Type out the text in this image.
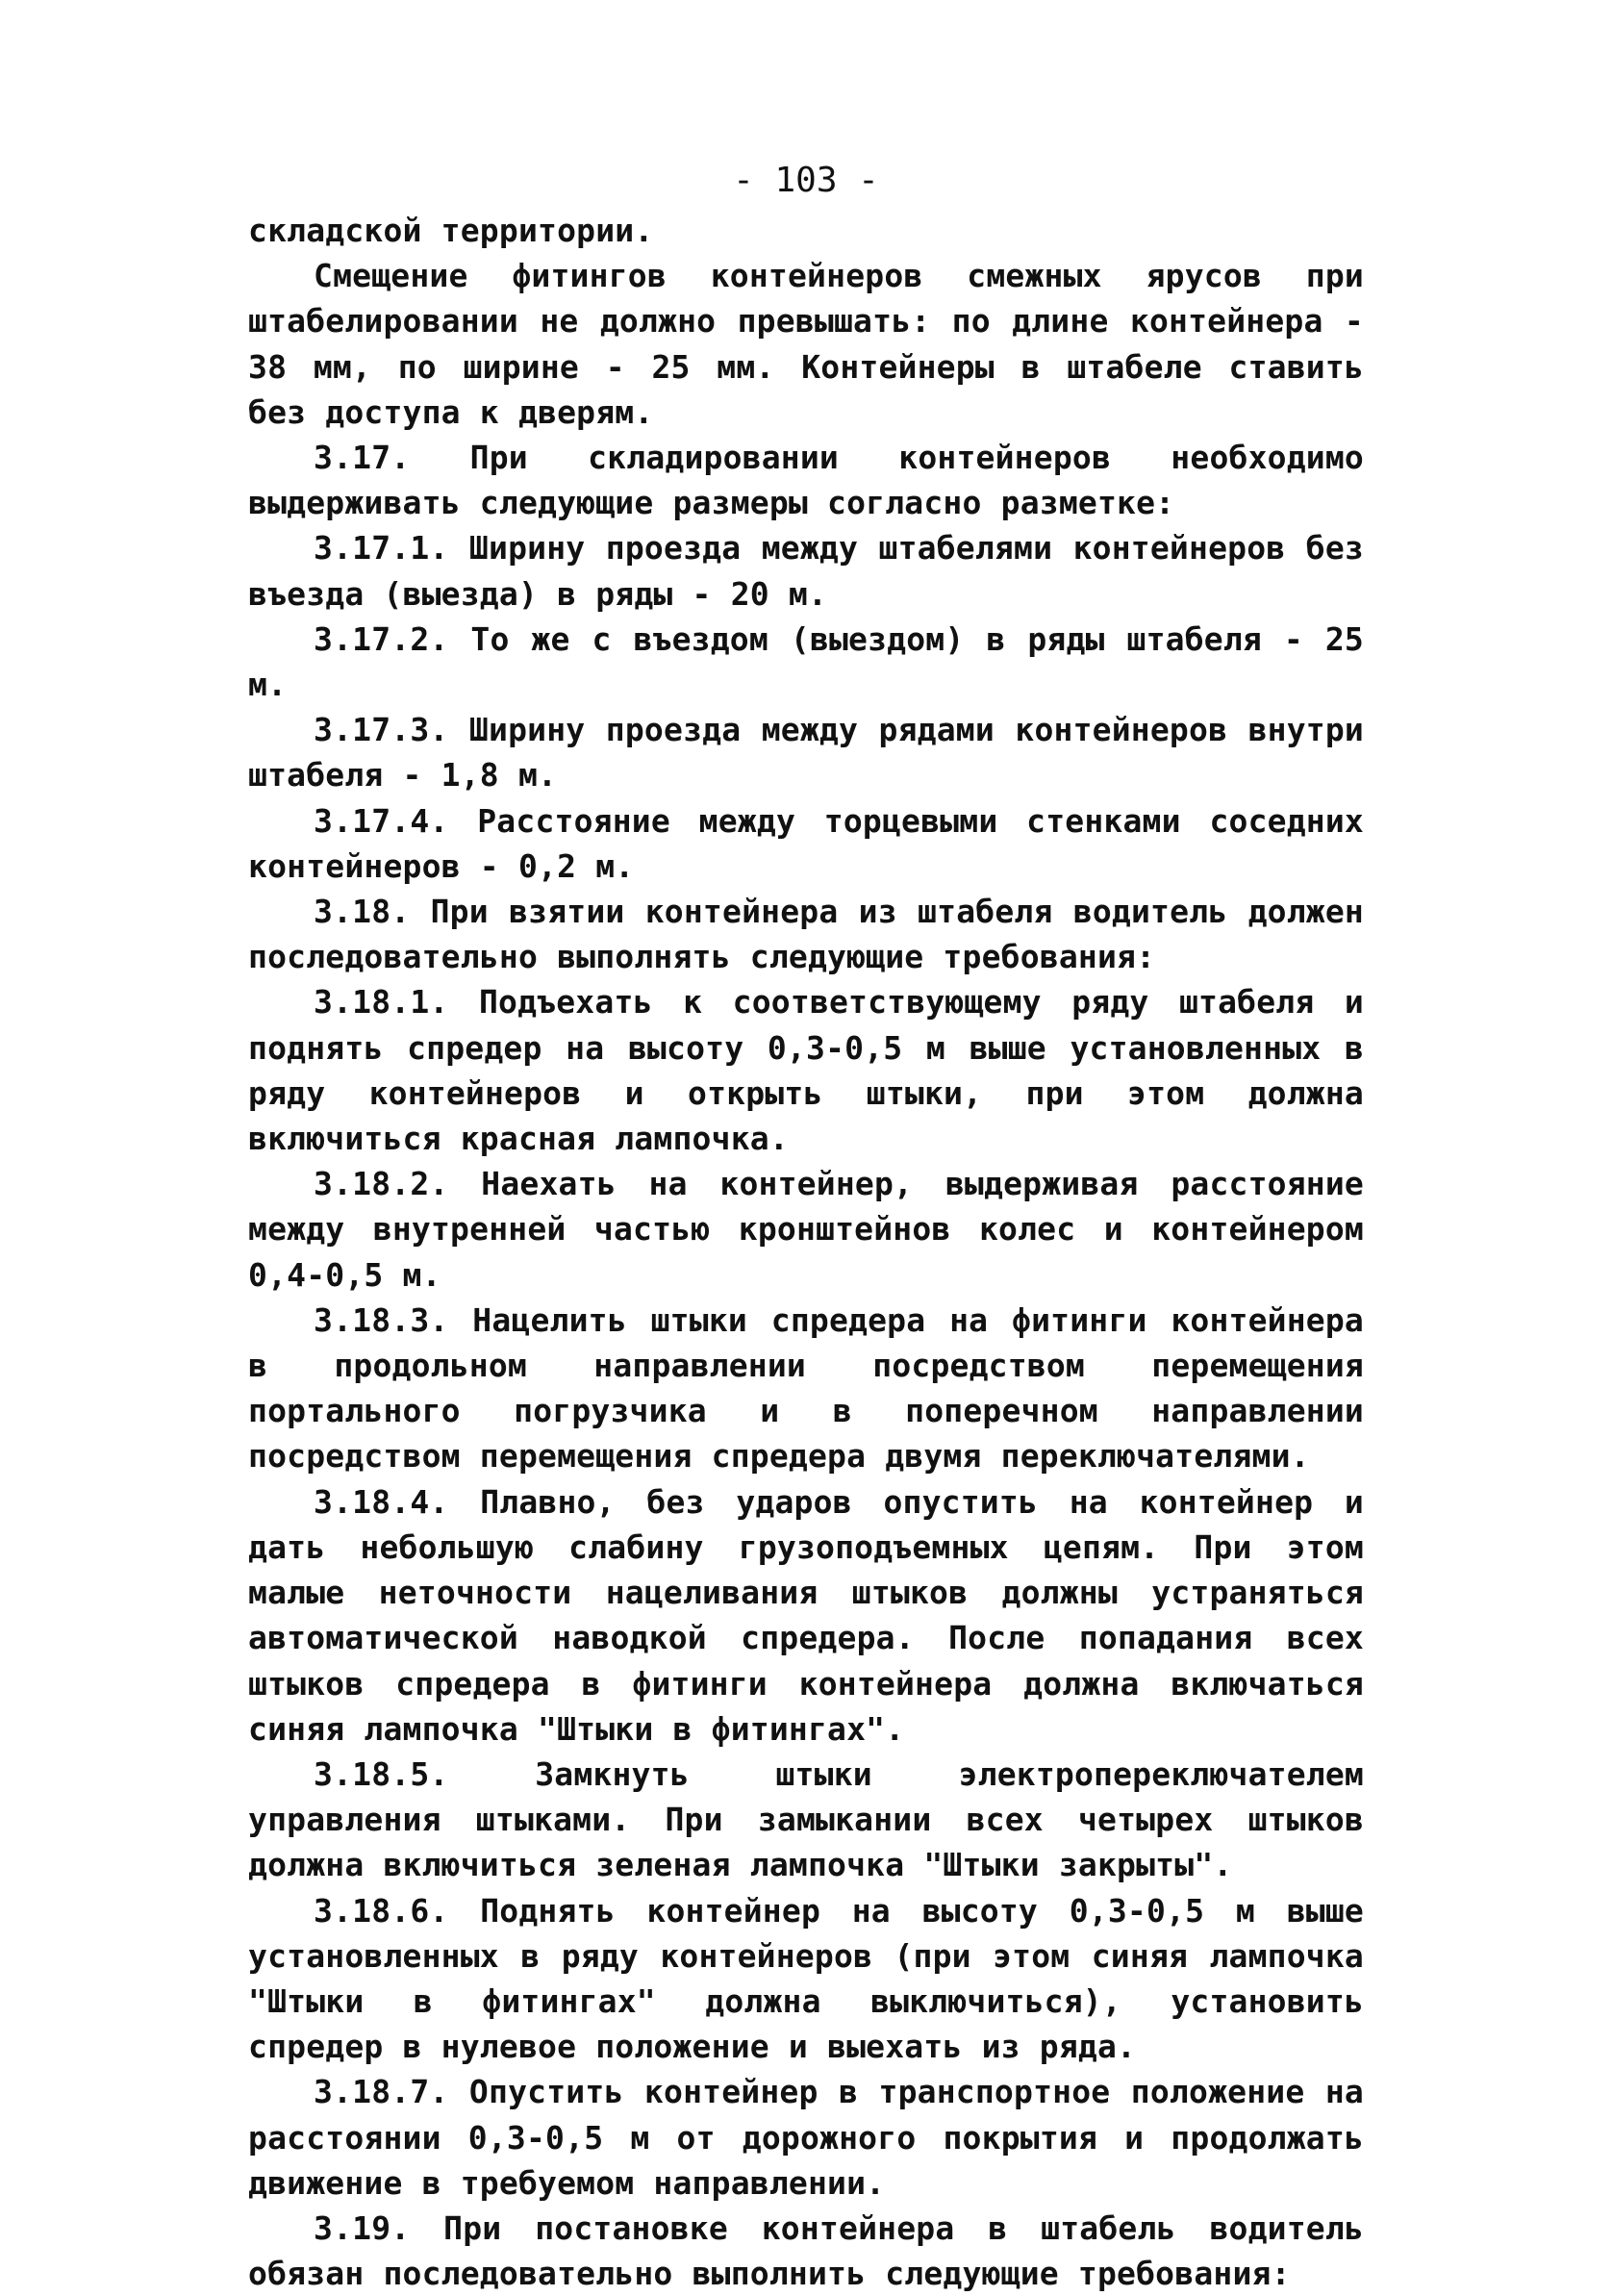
- 103 -

складской территории.

Смещение фитингов контейнеров смежных ярусов при штабелировании не должно превышать: по длине контейнера - 38 мм, по ширине - 25 мм. Контейнеры в штабеле ставить без доступа к дверям.

3.17. При складировании контейнеров необходимо выдерживать следующие размеры согласно разметке:

3.17.1. Ширину проезда между штабелями контейнеров без въезда (выезда) в ряды - 20 м.

3.17.2. То же с въездом (выездом) в ряды штабеля - 25 м.

3.17.3. Ширину проезда между рядами контейнеров внутри штабеля - 1,8 м.

3.17.4. Расстояние между торцевыми стенками соседних контейнеров - 0,2 м.

3.18. При взятии контейнера из штабеля водитель должен последовательно выполнять следующие требования:

3.18.1. Подъехать к соответствующему ряду штабеля и поднять спредер на высоту 0,3-0,5 м выше установленных в ряду контейнеров и открыть штыки, при этом должна включиться красная лампочка.

3.18.2. Наехать на контейнер, выдерживая расстояние между внутренней частью кронштейнов колес и контейнером 0,4-0,5 м.

3.18.3. Нацелить штыки спредера на фитинги контейнера в продольном направлении посредством перемещения портального погрузчика и в поперечном направлении посредством перемещения спредера двумя переключателями.

3.18.4. Плавно, без ударов опустить на контейнер и дать небольшую слабину грузоподъемных цепям. При этом малые неточности нацеливания штыков должны устраняться автоматической наводкой спредера. После попадания всех штыков спредера в фитинги контейнера должна включаться синяя лампочка "Штыки в фитингах".

3.18.5. Замкнуть штыки электропереключателем управления штыками. При замыкании всех четырех штыков должна включиться зеленая лампочка "Штыки закрыты".

3.18.6. Поднять контейнер на высоту 0,3-0,5 м выше установленных в ряду контейнеров (при этом синяя лампочка "Штыки в фитингах" должна выключиться), установить спредер в нулевое положение и выехать из ряда.

3.18.7. Опустить контейнер в транспортное положение на расстоянии 0,3-0,5 м от дорожного покрытия и продолжать движение в требуемом направлении.

3.19. При постановке контейнера в штабель водитель обязан последовательно выполнить следующие требования:
